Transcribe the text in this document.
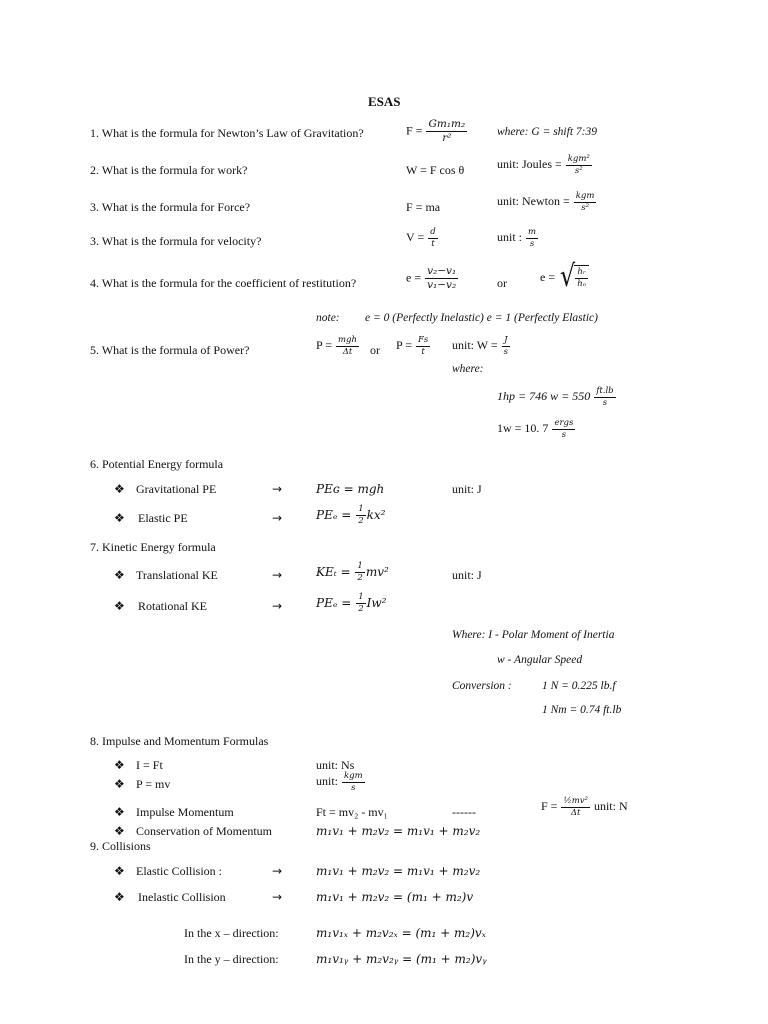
ESAS
1. What is the formula for Newton’s Law of Gravitation?	$F = \frac{\text{Gm₁m₂}}{\text{r²}}$	where: G = shift 7:39
2. What is the formula for work?	W = F cos θ	unit: Joules = $\frac{\text{kgm²}}{\text{s²}}$
3. What is the formula for Force?	F = ma	unit: Newton = $\frac{\text{kgm}}{\text{s²}}$
3. What is the formula for velocity?	$V = \frac{d}{t}$	unit : $\frac{m}{s}$
4. What is the formula for the coefficient of restitution?	$e = \frac{\text{v₂−v₁}}{\text{v₁−v₂}}$	or	e = √ $\frac{\text{hᵣ}}{\text{hₒ}}$
note: e = 0 (Perfectly Inelastic) e = 1 (Perfectly Elastic)
5. What is the formula of Power?	$P = \frac{\text{mgh}}{\Delta t}$ or $P = \frac{Fs}{t}$ unit: $W = \frac{J}{s}$
where:
1hp = 746 $w = 550 \frac{ft.lb}{s}$
1w = 10. $7 \frac{\text{ergs}}{s}$
6. Potential Energy formula
❖ Gravitational PE	→	PEɢ = mgh	unit: J
❖ Elastic PE	→	$PE_e = \frac{1}{2} kx^2$
7. Kinetic Energy formula
❖ Translational KE	→	$KE_t = \frac{1}{2} mv^2$	unit: J
❖ Rotational KE	→	$PE_e = \frac{1}{2} Iw^2$
Where: I - Polar Moment of Inertia
w - Angular Speed
Conversion :	1 N = 0.225 lb.f
1 Nm = 0.74 ft.lb
8. Impulse and Momentum Formulas
❖ I = Ft	unit: Ns
❖ P = mv	unit: $\frac{\text{kgm}}{s}$
❖ Impulse Momentum	Ft = mv₂ - mv₁	------	$F = \frac{\text{½mv²}}{\Delta t}$ unit: N
❖ Conservation of Momentum	m₁v₁ + m₂v₂ = m₁v₁ + m₂v₂
9. Collisions
❖ Elastic Collision :	→	m₁v₁ + m₂v₂ = m₁v₁ + m₂v₂
❖ Inelastic Collision	→	m₁v₁ + m₂v₂ = (m₁ + m₂)v
In the x – direction:	m₁v₁ₓ + m₂v₂ₓ = (m₁ + m₂)vₓ
In the y – direction:	m₁v₁ᵧ + m₂v₂ᵧ = (m₁ + m₂)vᵧ
